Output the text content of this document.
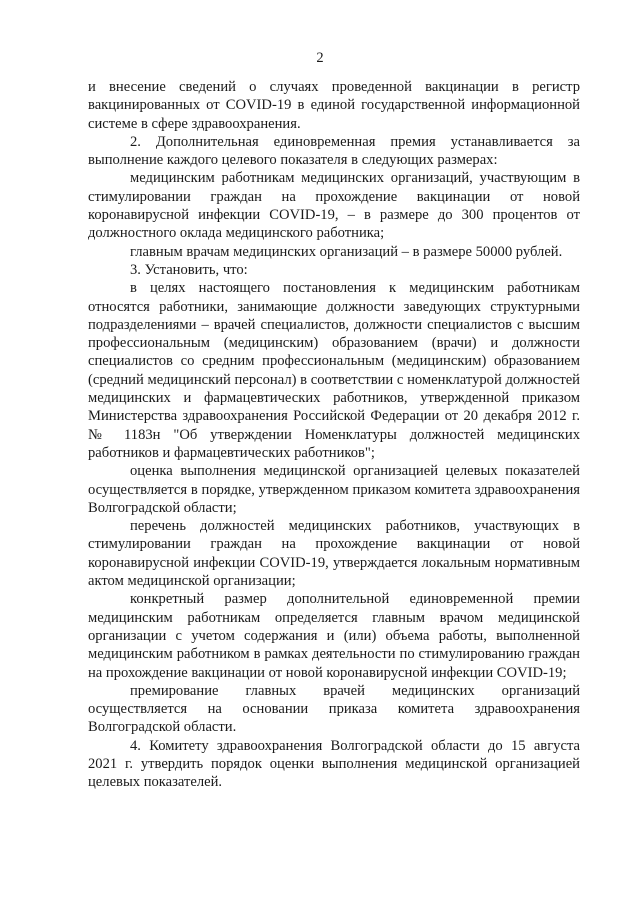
2

и внесение сведений о случаях проведенной вакцинации в регистр вакцинированных от COVID-19 в единой государственной информационной системе в сфере здравоохранения.

2. Дополнительная единовременная премия устанавливается за выполнение каждого целевого показателя в следующих размерах:

медицинским работникам медицинских организаций, участвующим в стимулировании граждан на прохождение вакцинации от новой коронавирусной инфекции COVID-19, – в размере до 300 процентов от должностного оклада медицинского работника;

главным врачам медицинских организаций – в размере 50000 рублей.

3. Установить, что:

в целях настоящего постановления к медицинским работникам относятся работники, занимающие должности заведующих структурными подразделениями – врачей специалистов, должности специалистов с высшим профессиональным (медицинским) образованием (врачи) и должности специалистов со средним профессиональным (медицинским) образованием (средний медицинский персонал) в соответствии с номенклатурой должностей медицинских и фармацевтических работников, утвержденной приказом Министерства здравоохранения Российской Федерации от 20 декабря 2012 г. № 1183н "Об утверждении Номенклатуры должностей медицинских работников и фармацевтических работников";

оценка выполнения медицинской организацией целевых показателей осуществляется в порядке, утвержденном приказом комитета здравоохранения Волгоградской области;

перечень должностей медицинских работников, участвующих в стимулировании граждан на прохождение вакцинации от новой коронавирусной инфекции COVID-19, утверждается локальным нормативным актом медицинской организации;

конкретный размер дополнительной единовременной премии медицинским работникам определяется главным врачом медицинской организации с учетом содержания и (или) объема работы, выполненной медицинским работником в рамках деятельности по стимулированию граждан на прохождение вакцинации от новой коронавирусной инфекции COVID-19;

премирование главных врачей медицинских организаций осуществляется на основании приказа комитета здравоохранения Волгоградской области.

4. Комитету здравоохранения Волгоградской области до 15 августа 2021 г. утвердить порядок оценки выполнения медицинской организацией целевых показателей.
